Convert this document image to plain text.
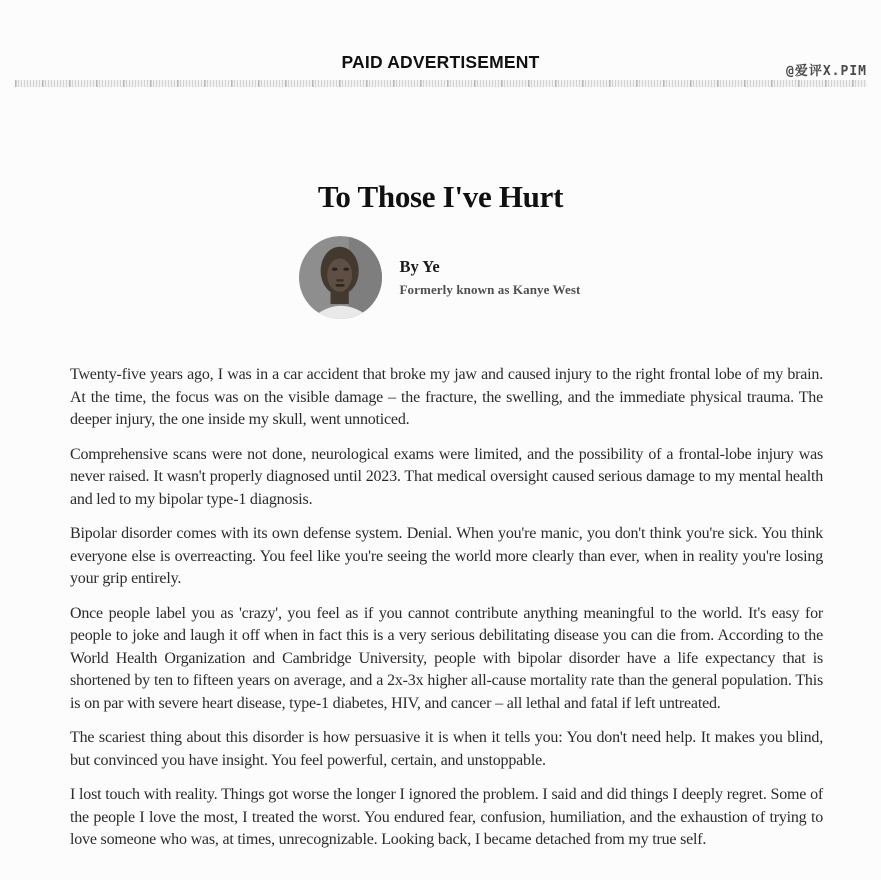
@爱评X.PIM
PAID ADVERTISEMENT
To Those I've Hurt
By Ye
Formerly known as Kanye West

Twenty-five years ago, I was in a car accident that broke my jaw and caused injury to the right frontal lobe of my brain. At the time, the focus was on the visible damage – the fracture, the swelling, and the immediate physical trauma. The deeper injury, the one inside my skull, went unnoticed.

Comprehensive scans were not done, neurological exams were limited, and the possibility of a frontal-lobe injury was never raised. It wasn't properly diagnosed until 2023. That medical oversight caused serious damage to my mental health and led to my bipolar type-1 diagnosis.

Bipolar disorder comes with its own defense system. Denial. When you're manic, you don't think you're sick. You think everyone else is overreacting. You feel like you're seeing the world more clearly than ever, when in reality you're losing your grip entirely.

Once people label you as 'crazy', you feel as if you cannot contribute anything meaningful to the world. It's easy for people to joke and laugh it off when in fact this is a very serious debilitating disease you can die from. According to the World Health Organization and Cambridge University, people with bipolar disorder have a life expectancy that is shortened by ten to fifteen years on average, and a 2x-3x higher all-cause mortality rate than the general population. This is on par with severe heart disease, type-1 diabetes, HIV, and cancer – all lethal and fatal if left untreated.

The scariest thing about this disorder is how persuasive it is when it tells you: You don't need help. It makes you blind, but convinced you have insight. You feel powerful, certain, and unstoppable.

I lost touch with reality. Things got worse the longer I ignored the problem. I said and did things I deeply regret. Some of the people I love the most, I treated the worst. You endured fear, confusion, humiliation, and the exhaustion of trying to love someone who was, at times, unrecognizable. Looking back, I became detached from my true self.
